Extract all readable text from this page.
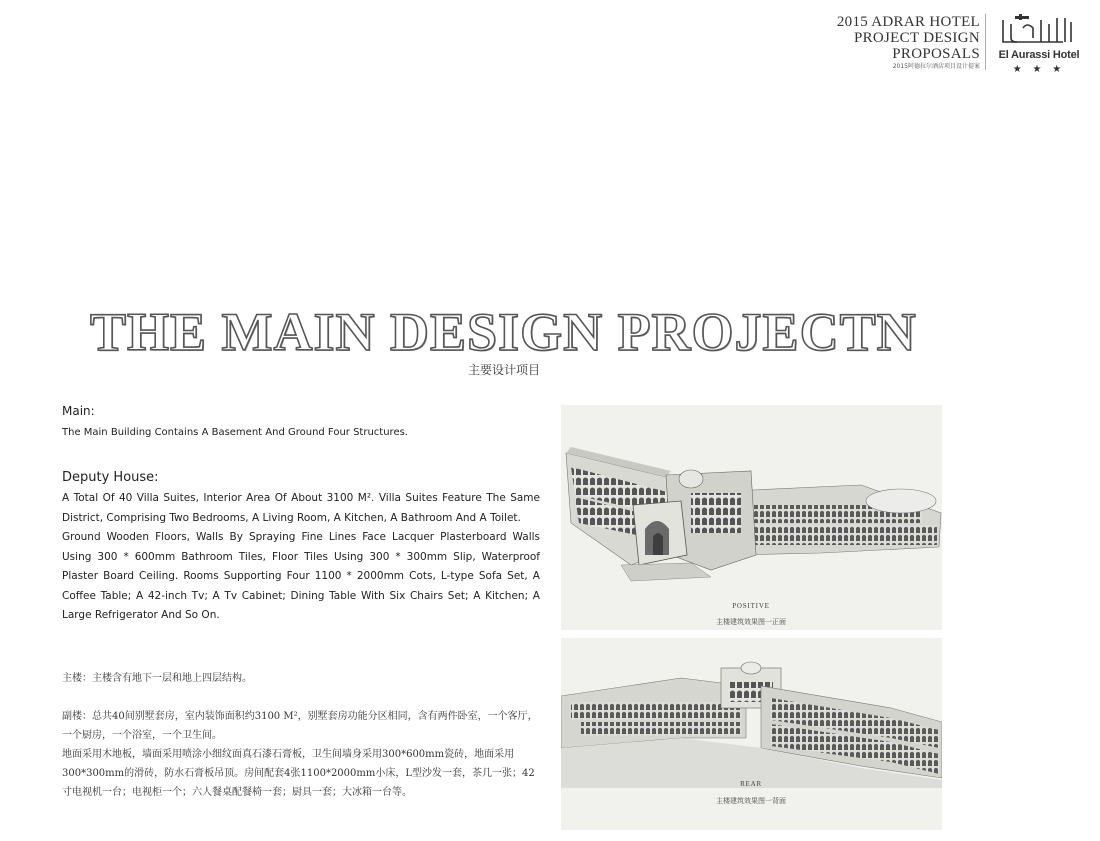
2015 ADRAR HOTEL
PROJECT DESIGN
PROPOSALS
2015阿德拉尔酒店项目设计提案
El Aurassi Hotel
★ ★ ★
THE MAIN DESIGN PROJECTN
主要设计项目
Main:
The Main Building Contains A Basement And Ground Four Structures.
Deputy House:

A Total Of 40 Villa Suites, Interior Area Of About 3100 M². Villa Suites Feature The Same District, Comprising Two Bedrooms, A Living Room, A Kitchen, A Bathroom And A Toilet.

Ground Wooden Floors, Walls By Spraying Fine Lines Face Lacquer Plasterboard Walls Using 300 * 600mm Bathroom Tiles, Floor Tiles Using 300 * 300mm Slip, Waterproof Plaster Board Ceiling. Rooms Supporting Four 1100 * 2000mm Cots, L-type Sofa Set, A Coffee Table; A 42-inch Tv; A Tv Cabinet; Dining Table With Six Chairs Set; A Kitchen; A Large Refrigerator And So On.

主楼：主楼含有地下一层和地上四层结构。

副楼：总共40间别墅套房，室内装饰面积约3100 M²，别墅套房功能分区相同，含有两件卧室，一个客厅，一个厨房，一个浴室，一个卫生间。

地面采用木地板，墙面采用喷涂小细纹面真石漆石膏板，卫生间墙身采用300*600mm瓷砖，地面采用300*300mm的滑砖，防水石膏板吊顶。房间配套4张1100*2000mm小床，L型沙发一套，茶几一张；42寸电视机一台；电视柜一个；六人餐桌配餐椅一套；厨具一套；大冰箱一台等。

POSITIVE
主楼建筑效果图一正面
REAR
主楼建筑效果图一背面
